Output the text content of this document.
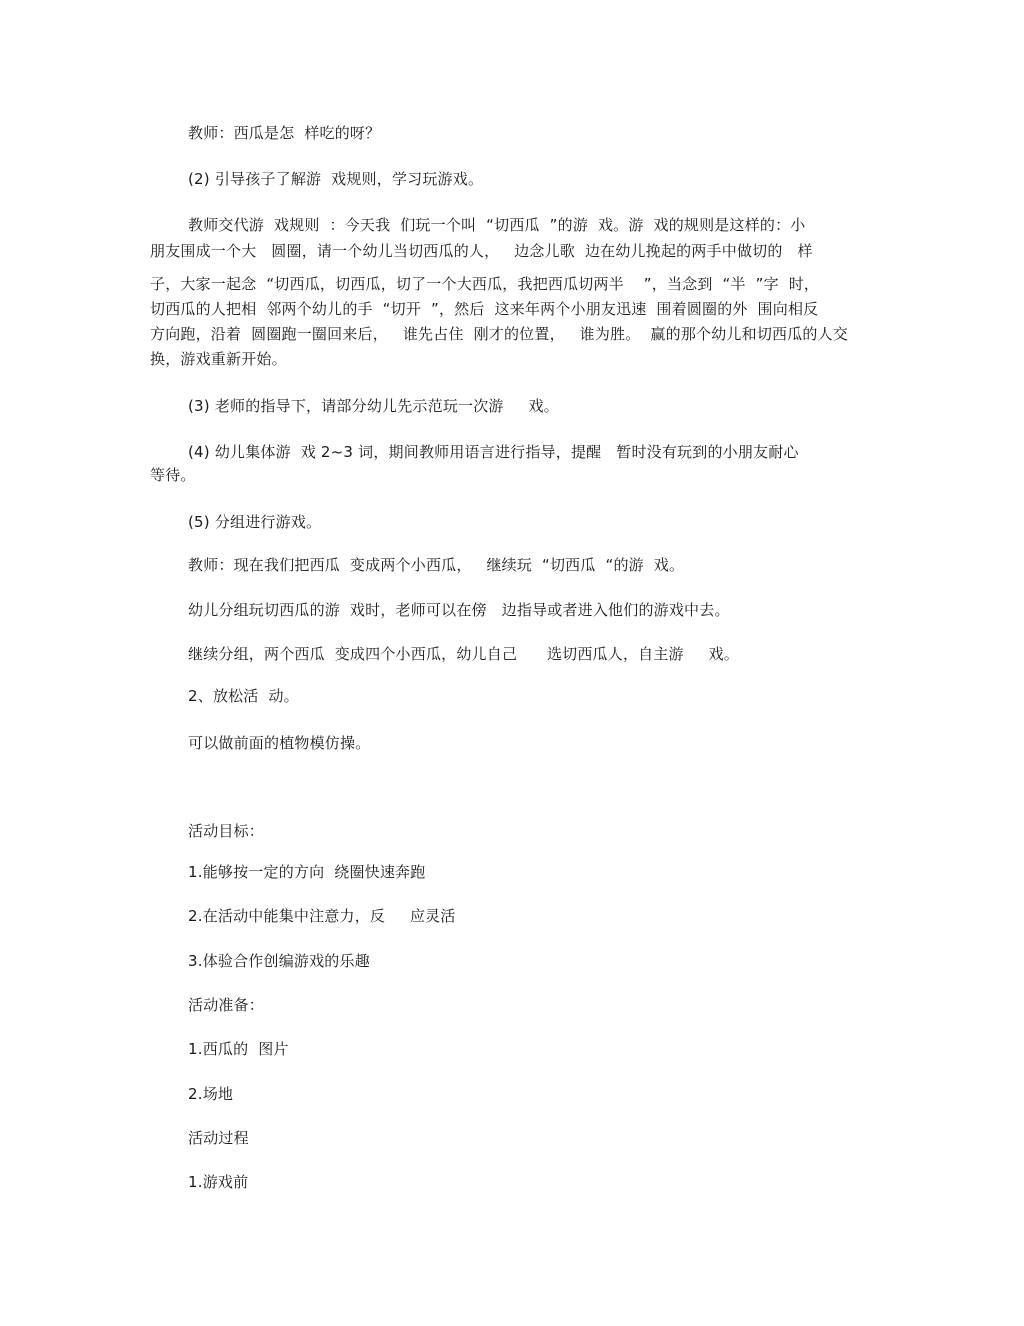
教师：西瓜是怎  样吃的呀？
(2) 引导孩子了解游  戏规则，学习玩游戏。
教师交代游  戏规则  ：今天我  们玩一个叫  “切西瓜  ”的游  戏。游  戏的规则是这样的：小
朋友围成一个大   圆圈，请一个幼儿当切西瓜的人，   边念儿歌  边在幼儿挽起的两手中做切的   样
子，大家一起念  “切西瓜，切西瓜，切了一个大西瓜，我把西瓜切两半    ”，当念到  “半  ”字  时，
切西瓜的人把相  邻两个幼儿的手  “切开  ”，然后  这来年两个小朋友迅速  围着圆圈的外  围向相反
方向跑，沿着  圆圈跑一圈回来后，   谁先占住  刚才的位置，   谁为胜。  赢的那个幼儿和切西瓜的人交
换，游戏重新开始。
(3) 老师的指导下，请部分幼儿先示范玩一次游     戏。
(4) 幼儿集体游  戏 2~3 词，期间教师用语言进行指导，提醒   暂时没有玩到的小朋友耐心
等待。
(5) 分组进行游戏。
教师：现在我们把西瓜  变成两个小西瓜，   继续玩  “切西瓜  “的游  戏。
幼儿分组玩切西瓜的游  戏时，老师可以在傍   边指导或者进入他们的游戏中去。
继续分组，两个西瓜  变成四个小西瓜，幼儿自己      选切西瓜人，自主游     戏。
2、放松活  动。
可以做前面的植物模仿操。
活动目标：
1.能够按一定的方向  绕圈快速奔跑
2.在活动中能集中注意力，反     应灵活
3.体验合作创编游戏的乐趣
活动准备：
1.西瓜的  图片
2.场地
活动过程
1.游戏前
